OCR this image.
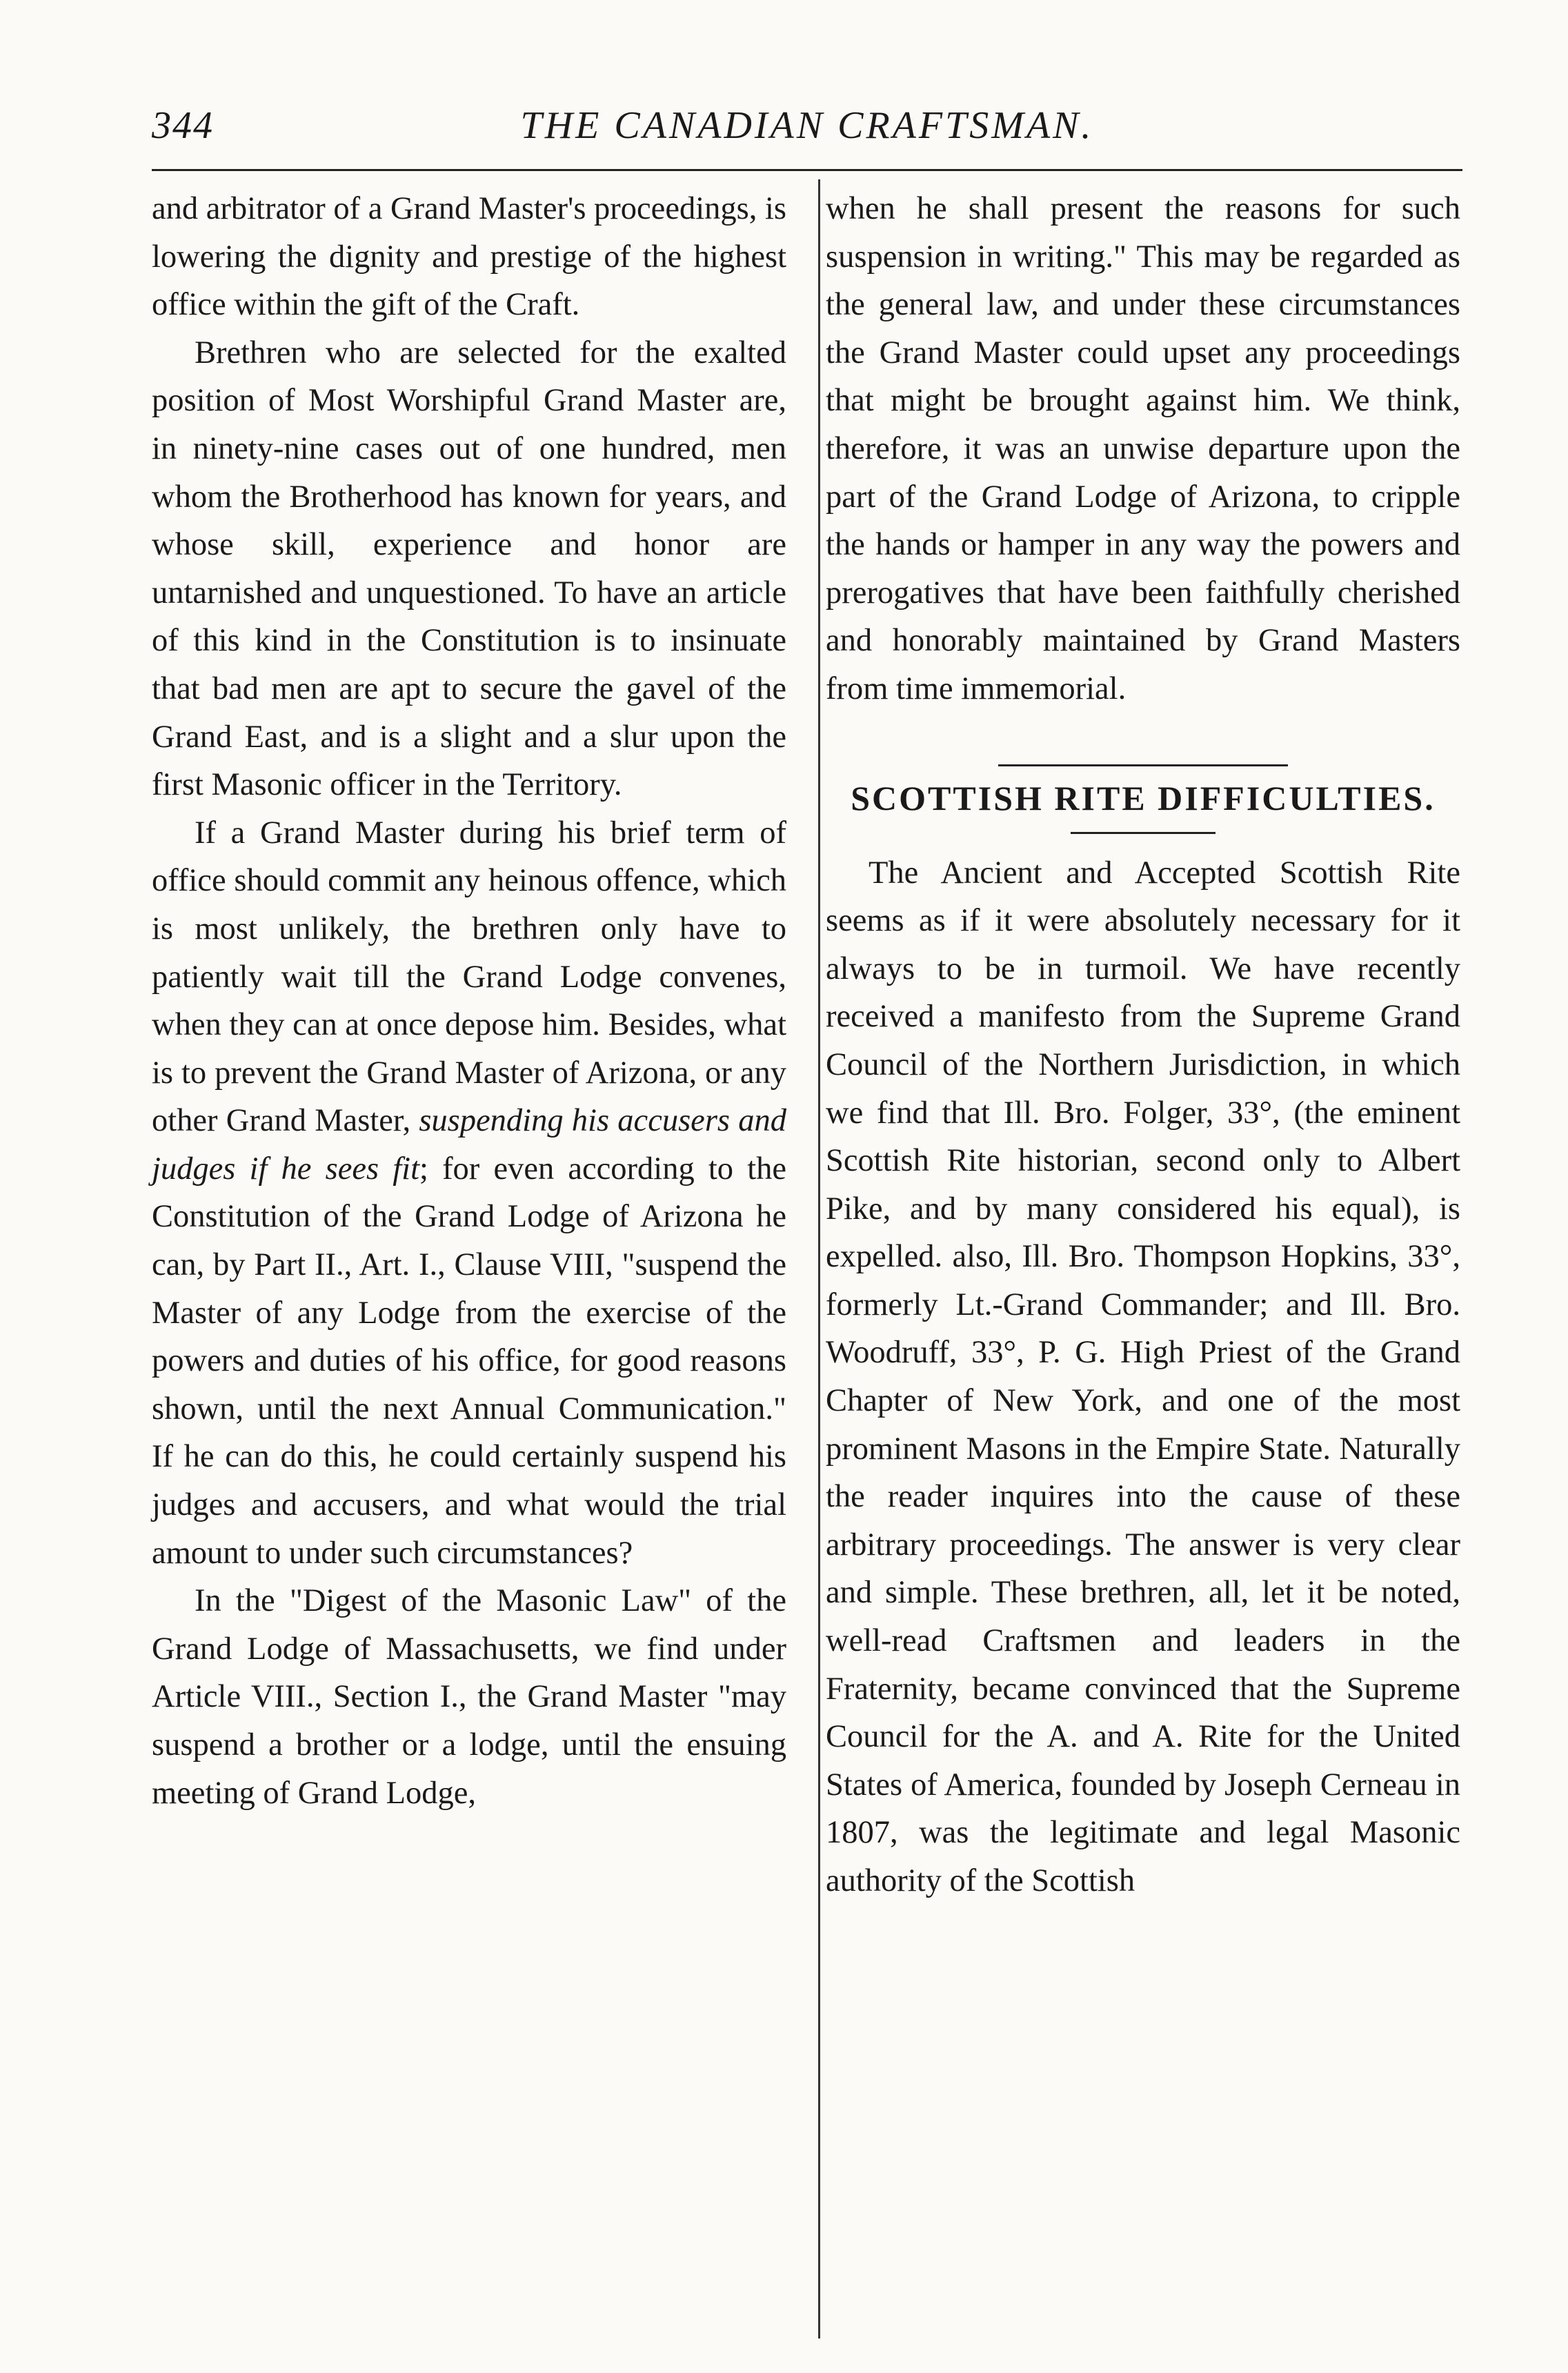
344	THE CANADIAN CRAFTSMAN.

and arbitrator of a Grand Master's proceedings, is lowering the dignity and prestige of the highest office within the gift of the Craft.

Brethren who are selected for the exalted position of Most Worshipful Grand Master are, in ninety-nine cases out of one hundred, men whom the Brotherhood has known for years, and whose skill, experience and honor are untarnished and unquestioned. To have an article of this kind in the Constitution is to insinuate that bad men are apt to secure the gavel of the Grand East, and is a slight and a slur upon the first Masonic officer in the Territory.

If a Grand Master during his brief term of office should commit any heinous offence, which is most unlikely, the brethren only have to patiently wait till the Grand Lodge convenes, when they can at once depose him. Besides, what is to prevent the Grand Master of Arizona, or any other Grand Master, suspending his accusers and judges if he sees fit; for even according to the Constitution of the Grand Lodge of Arizona he can, by Part II., Art. I., Clause VIII, "suspend the Master of any Lodge from the exercise of the powers and duties of his office, for good reasons shown, until the next Annual Communication." If he can do this, he could certainly suspend his judges and accusers, and what would the trial amount to under such circumstances?

In the "Digest of the Masonic Law" of the Grand Lodge of Massachusetts, we find under Article VIII., Section I., the Grand Master "may suspend a brother or a lodge, until the ensuing meeting of Grand Lodge,

when he shall present the reasons for such suspension in writing." This may be regarded as the general law, and under these circumstances the Grand Master could upset any proceedings that might be brought against him. We think, therefore, it was an unwise departure upon the part of the Grand Lodge of Arizona, to cripple the hands or hamper in any way the powers and prerogatives that have been faithfully cherished and honorably maintained by Grand Masters from time immemorial.

SCOTTISH RITE DIFFICULTIES.

The Ancient and Accepted Scottish Rite seems as if it were absolutely necessary for it always to be in turmoil. We have recently received a manifesto from the Supreme Grand Council of the Northern Jurisdiction, in which we find that Ill. Bro. Folger, 33°, (the eminent Scottish Rite historian, second only to Albert Pike, and by many considered his equal), is expelled. also, Ill. Bro. Thompson Hopkins, 33°, formerly Lt.-Grand Commander; and Ill. Bro. Woodruff, 33°, P. G. High Priest of the Grand Chapter of New York, and one of the most prominent Masons in the Empire State. Naturally the reader inquires into the cause of these arbitrary proceedings. The answer is very clear and simple. These brethren, all, let it be noted, well-read Craftsmen and leaders in the Fraternity, became convinced that the Supreme Council for the A. and A. Rite for the United States of America, founded by Joseph Cerneau in 1807, was the legitimate and legal Masonic authority of the Scottish
